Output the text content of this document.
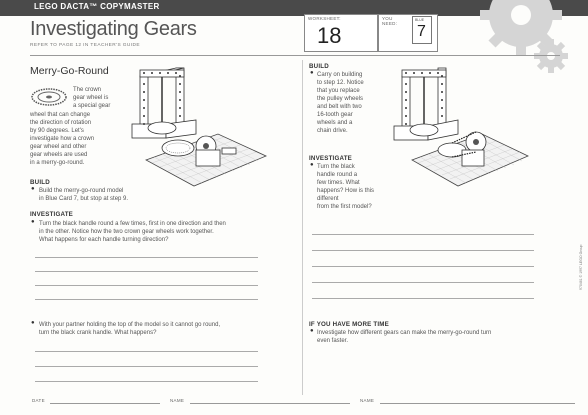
LEGO DACTA™ COPYMASTER
Investigating Gears
REFER TO PAGE 12 IN TEACHER'S GUIDE
WORKSHEET:
18
YOU NEED:
BLUE
7
Merry-Go-Round
The crown
gear wheel is
a special gear
wheel that can change
the direction of rotation
by 90 degrees. Let's
investigate how a crown
gear wheel and other
gear wheels are used
in a merry-go-round.
BUILD
● Build the merry-go-round model
in Blue Card 7, but stop at step 9.
INVESTIGATE
● Turn the black handle round a few times, first in one direction and then
in the other. Notice how the two crown gear wheels work together.
What happens for each handle turning direction?
● With your partner holding the top of the model so it cannot go round,
turn the black crank handle. What happens?
BUILD
● Carry on building
to step 12. Notice
that you replace
the pulley wheels
and belt with two
16-tooth gear
wheels and a
chain drive.
INVESTIGATE
● Turn the black
handle round a
few times. What
happens? How is this
different
from the first model?
IF YOU HAVE MORE TIME
● Investigate how different gears can make the merry-go-round turn
even faster.
970461 © 1997 LEGO Group
DATE	NAME	NAME
